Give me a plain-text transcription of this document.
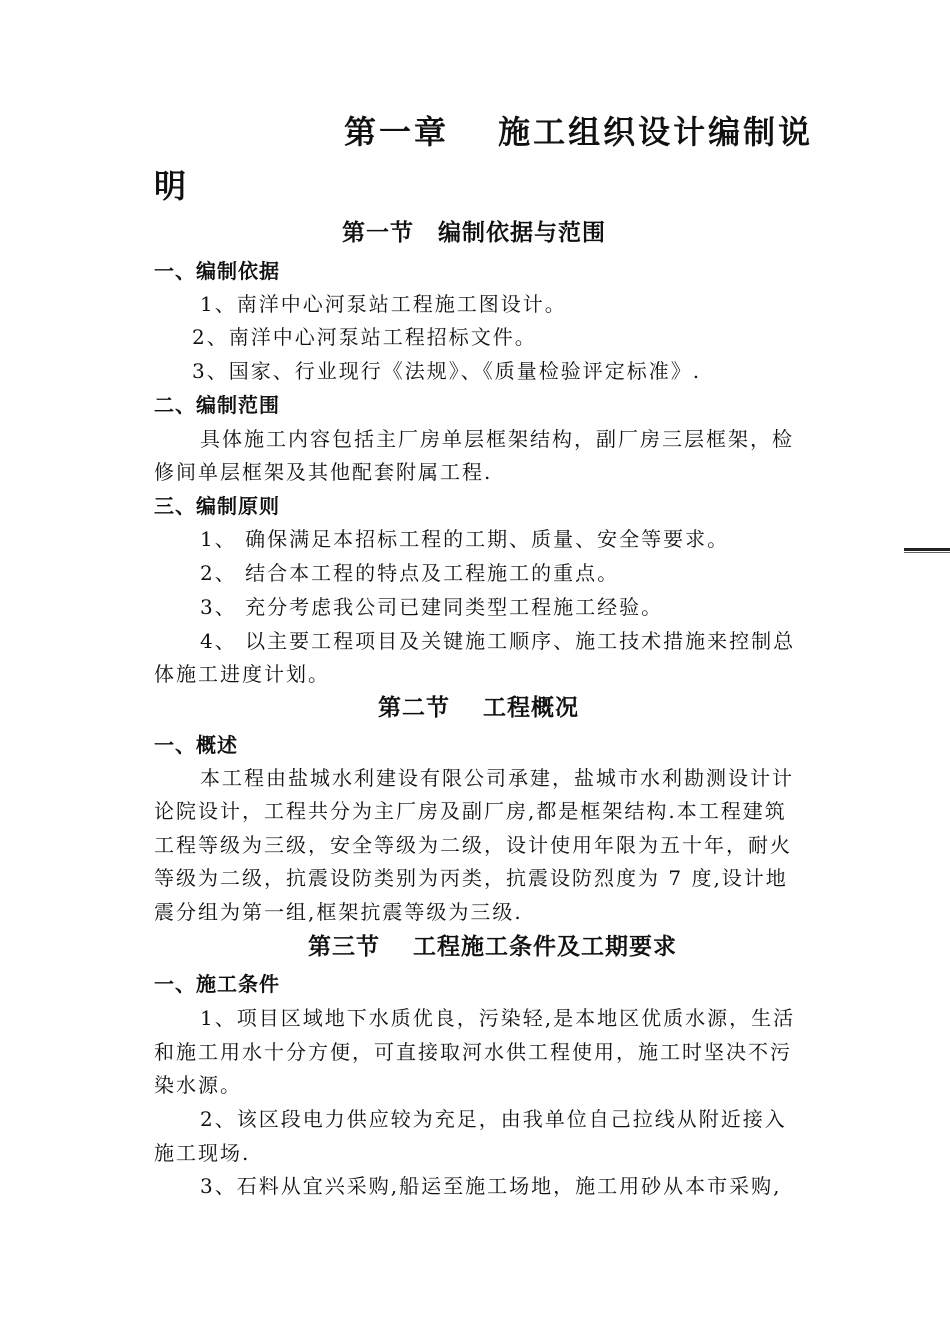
第一章　 施工组织设计编制说
明
第一节　编制依据与范围
一、编制依据
1、南洋中心河泵站工程施工图设计。
2、南洋中心河泵站工程招标文件。
3、国家、行业现行《法规》、《质量检验评定标准》.
二、编制范围
具体施工内容包括主厂房单层框架结构，副厂房三层框架，检
修间单层框架及其他配套附属工程.
三、编制原则
1、 确保满足本招标工程的工期、质量、安全等要求。
2、 结合本工程的特点及工程施工的重点。
3、 充分考虑我公司已建同类型工程施工经验。
4、 以主要工程项目及关键施工顺序、施工技术措施来控制总
体施工进度计划。
第二节　 工程概况
一、概述
本工程由盐城水利建设有限公司承建，盐城市水利勘测设计计
论院设计，工程共分为主厂房及副厂房,都是框架结构.本工程建筑
工程等级为三级，安全等级为二级，设计使用年限为五十年，耐火
等级为二级，抗震设防类别为丙类，抗震设防烈度为 7 度,设计地
震分组为第一组,框架抗震等级为三级.
第三节　 工程施工条件及工期要求
一、施工条件
1、项目区域地下水质优良，污染轻,是本地区优质水源，生活
和施工用水十分方便，可直接取河水供工程使用，施工时坚决不污
染水源。
2、该区段电力供应较为充足，由我单位自己拉线从附近接入
施工现场.
3、石料从宜兴采购,船运至施工场地，施工用砂从本市采购,
